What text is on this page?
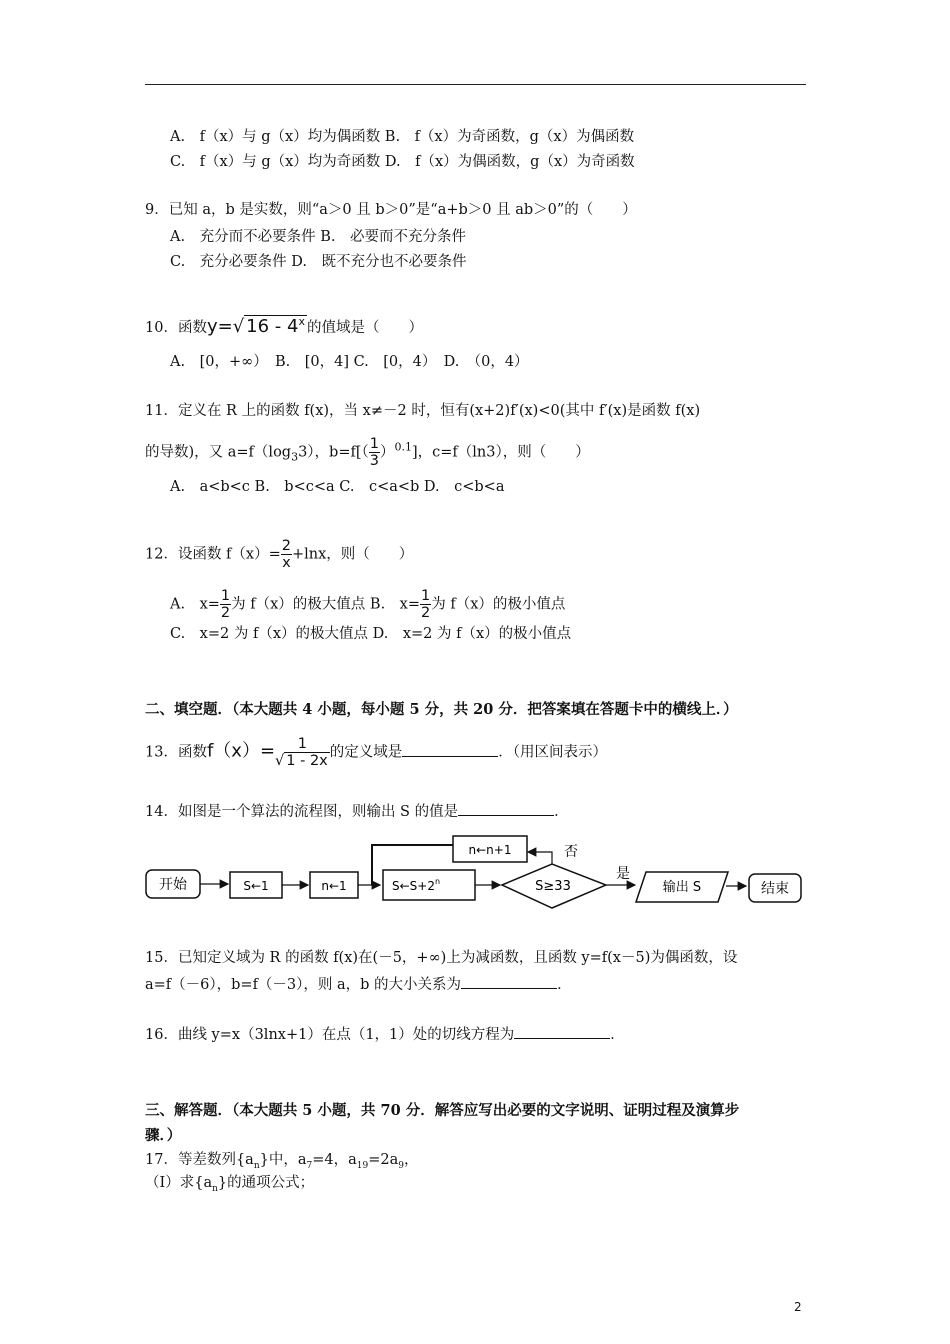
A.　f（x）与 g（x）均为偶函数 B.　f（x）为奇函数，g（x）为偶函数
C.　f（x）与 g（x）均为奇函数 D.　f（x）为偶函数，g（x）为奇函数
9．已知 a，b 是实数，则“a＞0 且 b＞0”是“a+b＞0 且 ab＞0”的（　　）
A.　充分而不必要条件 B.　必要而不充分条件
C.　充分必要条件 D.　既不充分也不必要条件
10．函数y=√ 16 - 4$^x$ 的值域是（　　）
A.　[0，+∞）　B.　[0，4] C.　[0，4）　D.　（0，4）
11．定义在 R 上的函数 f(x)，当 x≠－2 时，恒有(x+2)f′(x)<0(其中 f′(x)是函数 f(x)
的导数)，又 $a=f(\log_33)$，$b=f[( \frac{1}{3} )^{0.1}]$，c=f（ln3），则（　　）
A.　a<b<c B.　b<c<a C.　c<a<b D.　c<b<a
12．设函数 $f(x)= \frac{2}{x} +\ln x$，则（　　）
A.　$x= \frac{1}{2}$ 为 f（x）的极大值点 B.　$x= \frac{1}{2}$ 为 f（x）的极小值点
C.　x=2 为 f（x）的极大值点 D.　x=2 为 f（x）的极小值点
二、填空题．（本大题共 4 小题，每小题 5 分，共 20 分．把答案填在答题卡中的横线上．）
13．函数$f(x)= \frac{1}{√ 1 - 2x}$ 的定义域是	．（用区间表示）
14．如图是一个算法的流程图，则输出 S 的值是	．
开始	S←1	n←1	$S\leftarrow S+2^n$	S≥33
否
n←n+1
是
输出 S	结束
15．已知定义域为 R 的函数 f(x)在(－5，+∞)上为减函数，且函数 y=f(x－5)为偶函数，设
a=f（－6），b=f（－3），则 a，b 的大小关系为	．
16．曲线 y=x（3lnx+1）在点（1，1）处的切线方程为	．
三、解答题．（本大题共 5 小题，共 70 分．解答应写出必要的文字说明、证明过程及演算步
骤．）
17．等差数列$\{a_n\}$中，$a_7=4$，$a_{19}=2a_9$，
（Ⅰ）求$\{a_n\}$的通项公式；
2
